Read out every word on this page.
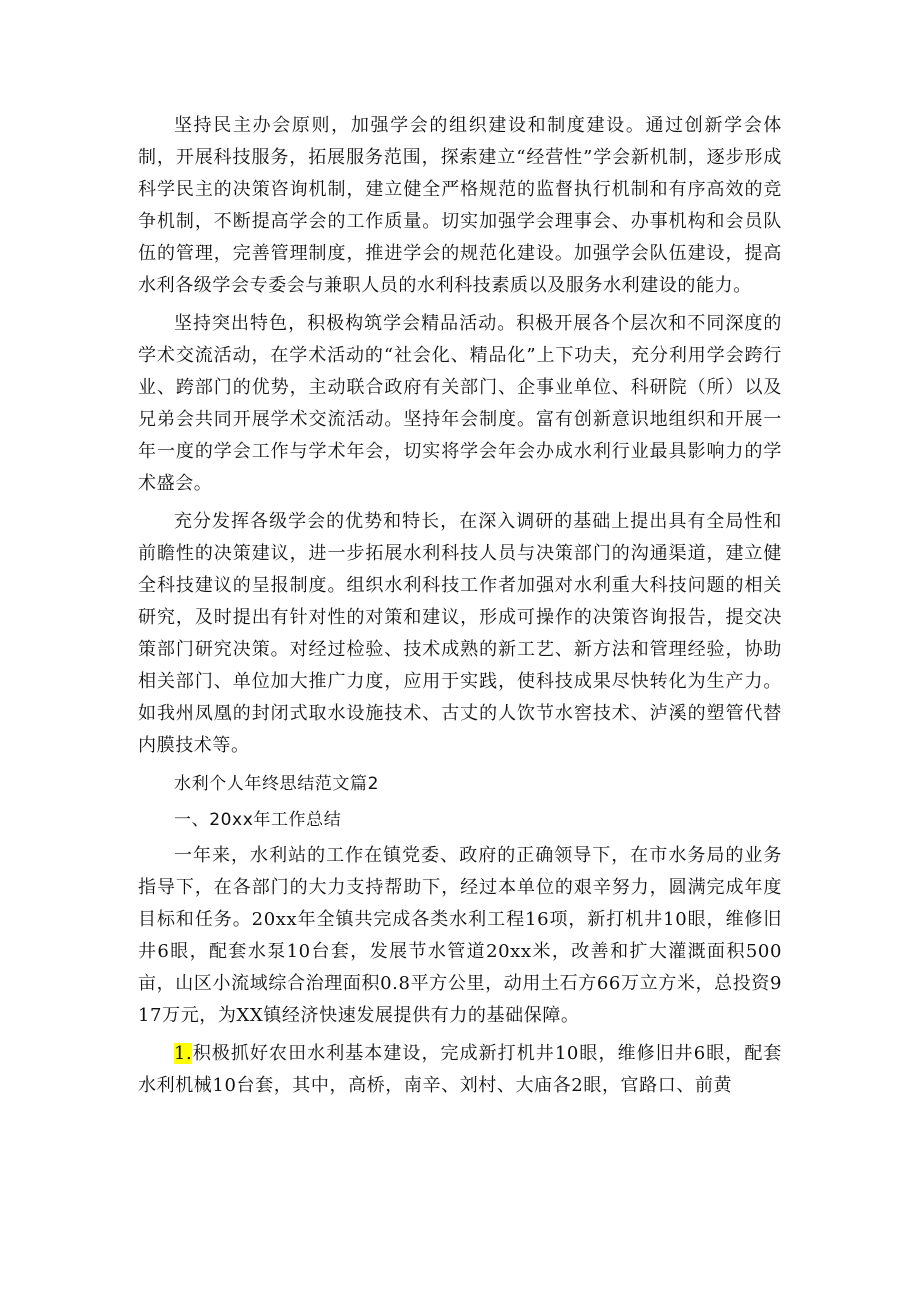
坚持民主办会原则，加强学会的组织建设和制度建设。通过创新学会体制，开展科技服务，拓展服务范围，探索建立“经营性”学会新机制，逐步形成科学民主的决策咨询机制，建立健全严格规范的监督执行机制和有序高效的竞争机制，不断提高学会的工作质量。切实加强学会理事会、办事机构和会员队伍的管理，完善管理制度，推进学会的规范化建设。加强学会队伍建设，提高水利各级学会专委会与兼职人员的水利科技素质以及服务水利建设的能力。

坚持突出特色，积极构筑学会精品活动。积极开展各个层次和不同深度的学术交流活动，在学术活动的“社会化、精品化”上下功夫，充分利用学会跨行业、跨部门的优势，主动联合政府有关部门、企事业单位、科研院（所）以及兄弟会共同开展学术交流活动。坚持年会制度。富有创新意识地组织和开展一年一度的学会工作与学术年会，切实将学会年会办成水利行业最具影响力的学术盛会。

充分发挥各级学会的优势和特长，在深入调研的基础上提出具有全局性和前瞻性的决策建议，进一步拓展水利科技人员与决策部门的沟通渠道，建立健全科技建议的呈报制度。组织水利科技工作者加强对水利重大科技问题的相关研究，及时提出有针对性的对策和建议，形成可操作的决策咨询报告，提交决策部门研究决策。对经过检验、技术成熟的新工艺、新方法和管理经验，协助相关部门、单位加大推广力度，应用于实践，使科技成果尽快转化为生产力。如我州凤凰的封闭式取水设施技术、古丈的人饮节水窖技术、泸溪的塑管代替内膜技术等。

水利个人年终思结范文篇2

一、20xx年工作总结

一年来，水利站的工作在镇党委、政府的正确领导下，在市水务局的业务指导下，在各部门的大力支持帮助下，经过本单位的艰辛努力，圆满完成年度目标和任务。20xx年全镇共完成各类水利工程16项，新打机井10眼，维修旧井6眼，配套水泵10台套，发展节水管道20xx米，改善和扩大灌溉面积500亩，山区小流域综合治理面积0.8平方公里，动用土石方66万立方米，总投资917万元，为XX镇经济快速发展提供有力的基础保障。

1.积极抓好农田水利基本建设，完成新打机井10眼，维修旧井6眼，配套水利机械10台套，其中，高桥，南辛、刘村、大庙各2眼，官路口、前黄
